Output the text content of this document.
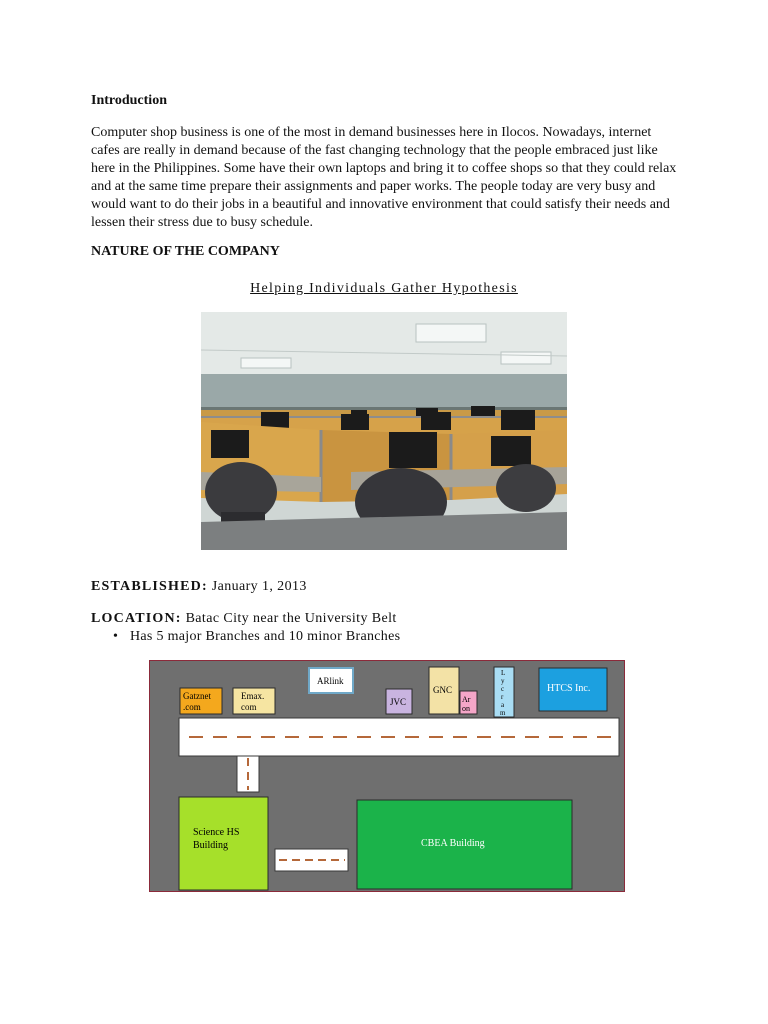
Introduction

Computer shop business is one of the most in demand businesses here in Ilocos. Nowadays, internet cafes are really in demand because of the fast changing technology that the people embraced just like here in the Philippines. Some have their own laptops and bring it to coffee shops so that they could relax and at the same time prepare their assignments and paper works. The people today are very busy and would want to do their jobs in a beautiful and innovative environment that could satisfy their needs and lessen their stress due to busy schedule.

NATURE OF THE COMPANY
Helping Individuals Gather Hypothesis
ESTABLISHED: January 1, 2013
LOCATION: Batac City near the University Belt
• Has 5 major Branches and 10 minor Branches
Gatznet
.com
Emax.
com
ARlink
JVC
GNC
Ar
on
L
y
c
r
a
m
HTCS Inc.
Science HS
Building	CBEA Building
